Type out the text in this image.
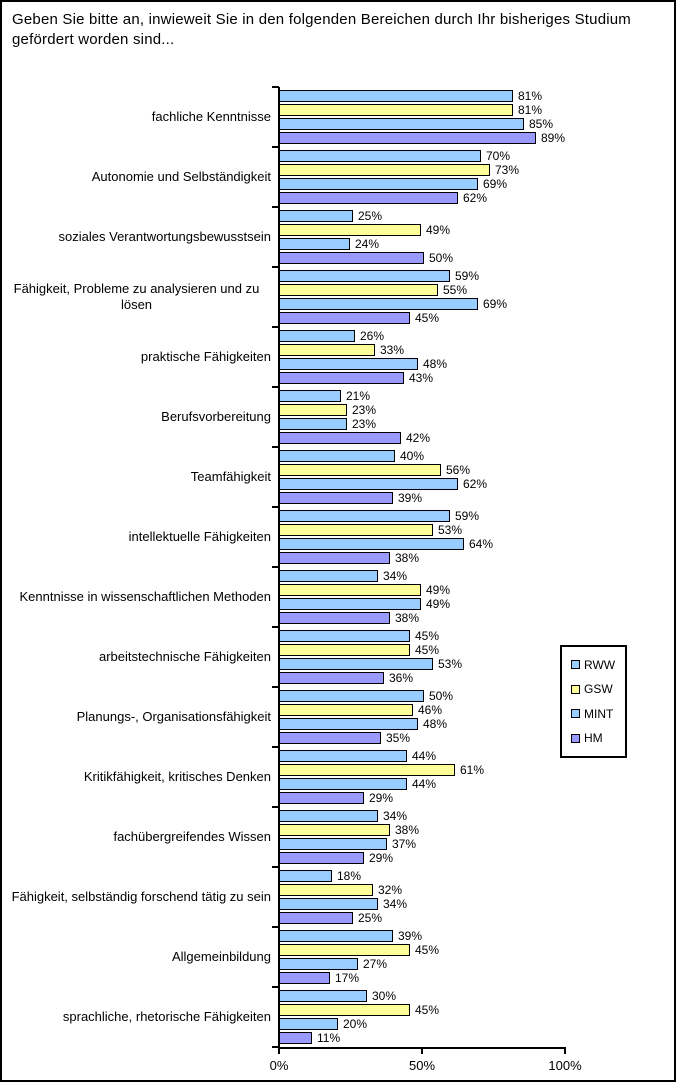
Geben Sie bitte an, inwieweit Sie in den folgenden Bereichen durch Ihr bisheriges Studium gefördert worden sind...
fachliche Kenntnisse
81%
81%
85%
89%
Autonomie und Selbständigkeit
70%
73%
69%
62%
soziales Verantwortungsbewusstsein
25%
49%
24%
50%
Fähigkeit, Probleme zu analysieren und zu lösen
59%
55%
69%
45%
praktische Fähigkeiten
26%
33%
48%
43%
Berufsvorbereitung
21%
23%
23%
42%
Teamfähigkeit
40%
56%
62%
39%
intellektuelle Fähigkeiten
59%
53%
64%
38%
Kenntnisse in wissenschaftlichen Methoden
34%
49%
49%
38%
arbeitstechnische Fähigkeiten
45%
45%
53%
36%
Planungs-, Organisationsfähigkeit
50%
46%
48%
35%
Kritikfähigkeit, kritisches Denken
44%
61%
44%
29%
fachübergreifendes Wissen
34%
38%
37%
29%
Fähigkeit, selbständig forschend tätig zu sein
18%
32%
34%
25%
Allgemeinbildung
39%
45%
27%
17%
sprachliche, rhetorische Fähigkeiten
30%
45%
20%
11%
0%	50%	100%
RWW
GSW
MINT
HM
